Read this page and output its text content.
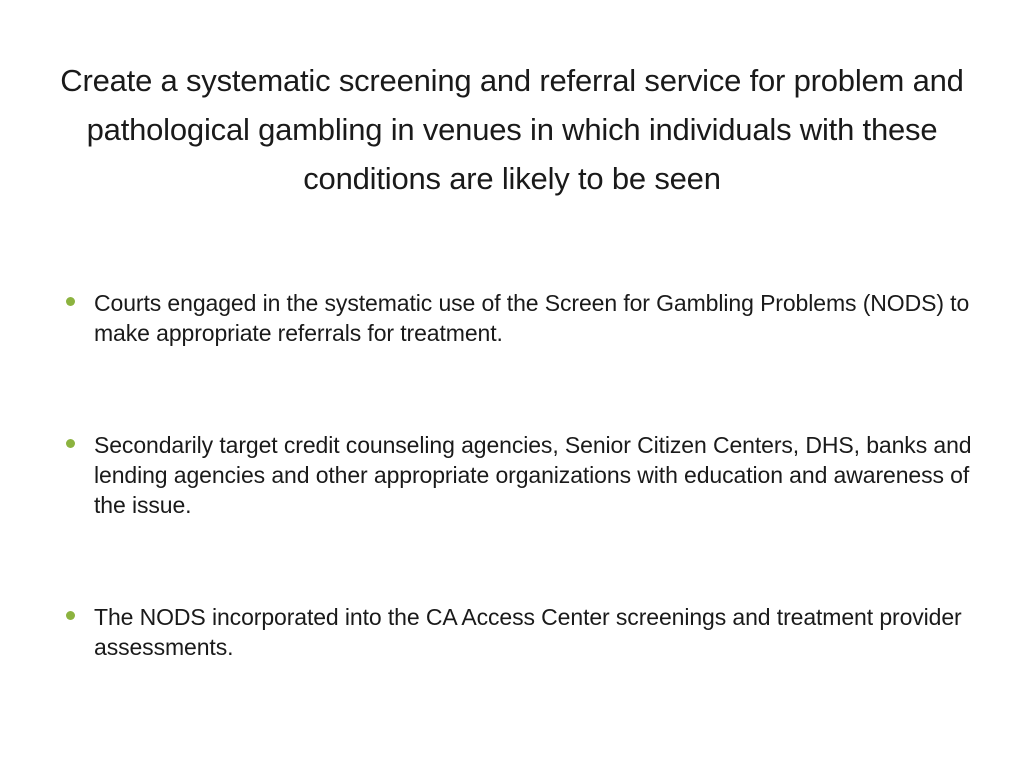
Create a systematic screening and referral service for problem and pathological gambling in venues in which individuals with these conditions are likely to be seen
Courts engaged in the systematic use of the Screen for Gambling Problems (NODS) to make appropriate referrals for treatment.
Secondarily target credit counseling agencies, Senior Citizen Centers, DHS, banks and lending agencies and other appropriate organizations with education and awareness of the issue.
The NODS incorporated into the CA Access Center screenings and treatment provider assessments.
